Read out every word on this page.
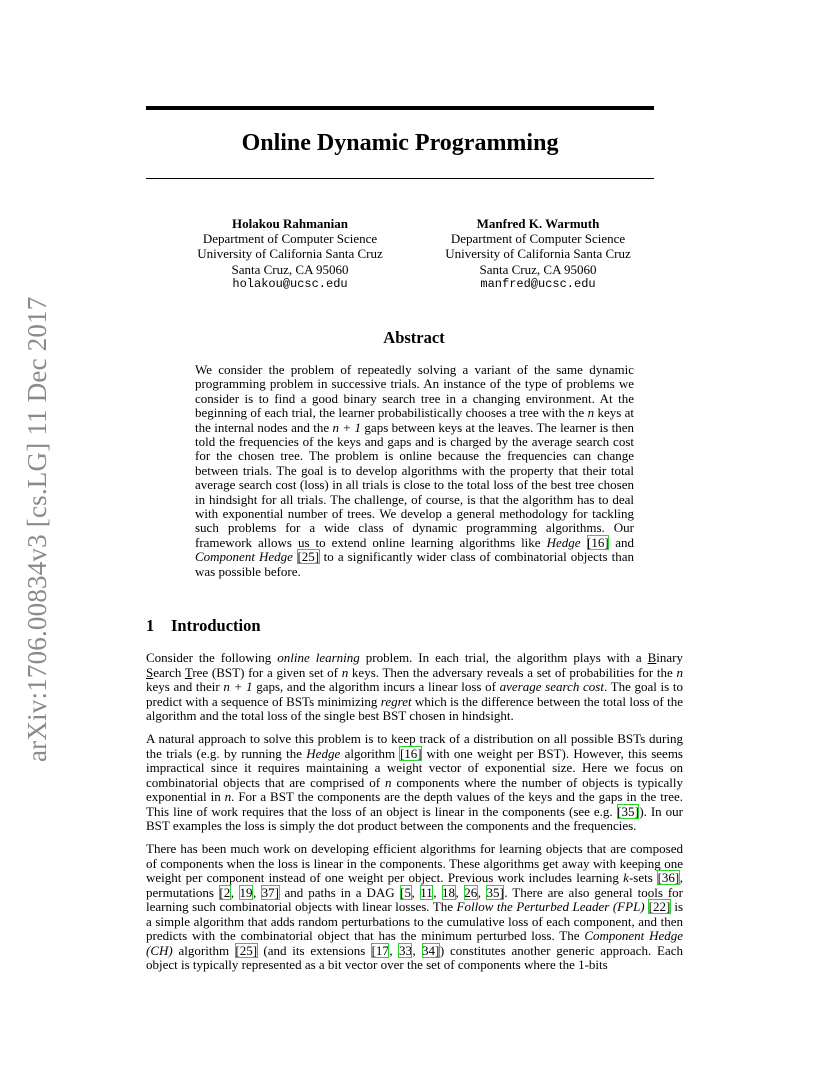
arXiv:1706.00834v3 [cs.LG] 11 Dec 2017
Online Dynamic Programming
Holakou Rahmanian
Department of Computer Science
University of California Santa Cruz
Santa Cruz, CA 95060
holakou@ucsc.edu
Manfred K. Warmuth
Department of Computer Science
University of California Santa Cruz
Santa Cruz, CA 95060
manfred@ucsc.edu
Abstract
We consider the problem of repeatedly solving a variant of the same dynamic programming problem in successive trials. An instance of the type of problems we consider is to find a good binary search tree in a changing environment. At the beginning of each trial, the learner probabilistically chooses a tree with the n keys at the internal nodes and the n + 1 gaps between keys at the leaves. The learner is then told the frequencies of the keys and gaps and is charged by the average search cost for the chosen tree. The problem is online because the frequencies can change between trials. The goal is to develop algorithms with the property that their total average search cost (loss) in all trials is close to the total loss of the best tree chosen in hindsight for all trials. The challenge, of course, is that the algorithm has to deal with exponential number of trees. We develop a general methodology for tackling such problems for a wide class of dynamic programming algorithms. Our framework allows us to extend online learning algorithms like Hedge [16] and Component Hedge [25] to a significantly wider class of combinatorial objects than was possible before.
1 Introduction
Consider the following online learning problem. In each trial, the algorithm plays with a Binary Search Tree (BST) for a given set of n keys. Then the adversary reveals a set of probabilities for the n keys and their n + 1 gaps, and the algorithm incurs a linear loss of average search cost. The goal is to predict with a sequence of BSTs minimizing regret which is the difference between the total loss of the algorithm and the total loss of the single best BST chosen in hindsight.
A natural approach to solve this problem is to keep track of a distribution on all possible BSTs during the trials (e.g. by running the Hedge algorithm [16] with one weight per BST). However, this seems impractical since it requires maintaining a weight vector of exponential size. Here we focus on combinatorial objects that are comprised of n components where the number of objects is typically exponential in n. For a BST the components are the depth values of the keys and the gaps in the tree. This line of work requires that the loss of an object is linear in the components (see e.g. [35]). In our BST examples the loss is simply the dot product between the components and the frequencies.
There has been much work on developing efficient algorithms for learning objects that are composed of components when the loss is linear in the components. These algorithms get away with keeping one weight per component instead of one weight per object. Previous work includes learning k-sets [36], permutations [2, 19, 37] and paths in a DAG [5, 11, 18, 26, 35]. There are also general tools for learning such combinatorial objects with linear losses. The Follow the Perturbed Leader (FPL) [22] is a simple algorithm that adds random perturbations to the cumulative loss of each component, and then predicts with the combinatorial object that has the minimum perturbed loss. The Component Hedge (CH) algorithm [25] (and its extensions [17, 33, 34]) constitutes another generic approach. Each object is typically represented as a bit vector over the set of components where the 1-bits
